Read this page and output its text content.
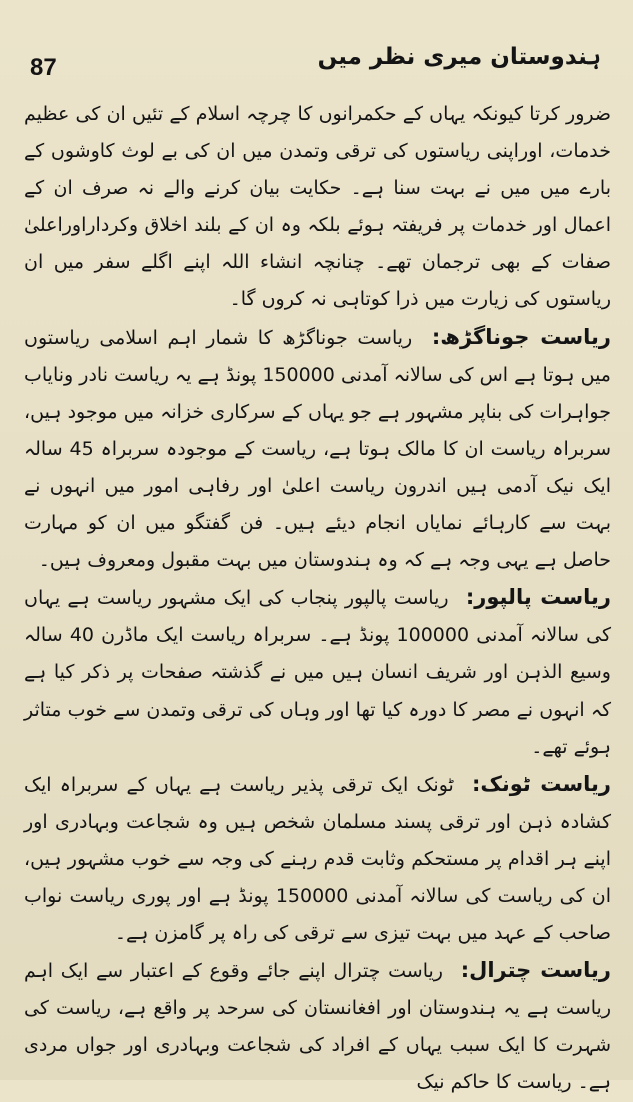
87	ہندوستان میری نظر میں

ضرور کرتا کیونکہ یہاں کے حکمرانوں کا چرچہ اسلام کے تئیں ان کی عظیم خدمات، اوراپنی ریاستوں کی ترقی وتمدن میں ان کی بے لوث کاوشوں کے بارے میں میں نے بہت سنا ہے۔ حکایت بیان کرنے والے نہ صرف ان کے اعمال اور خدمات پر فریفتہ ہوئے بلکہ وہ ان کے بلند اخلاق وکرداراوراعلیٰ صفات کے بھی ترجمان تھے۔ چنانچہ انشاء اللہ اپنے اگلے سفر میں ان ریاستوں کی زیارت میں ذرا کوتاہی نہ کروں گا۔

ریاست جوناگڑھ: ریاست جوناگڑھ کا شمار اہم اسلامی ریاستوں میں ہوتا ہے اس کی سالانہ آمدنی 150000 پونڈ ہے یہ ریاست نادر ونایاب جواہرات کی بناپر مشہور ہے جو یہاں کے سرکاری خزانہ میں موجود ہیں، سربراہ ریاست ان کا مالک ہوتا ہے، ریاست کے موجودہ سربراہ 45 سالہ ایک نیک آدمی ہیں اندرون ریاست اعلیٰ اور رفاہی امور میں انہوں نے بہت سے کارہائے نمایاں انجام دیئے ہیں۔ فن گفتگو میں ان کو مہارت حاصل ہے یہی وجہ ہے کہ وہ ہندوستان میں بہت مقبول ومعروف ہیں۔

ریاست پالپور: ریاست پالپور پنجاب کی ایک مشہور ریاست ہے یہاں کی سالانہ آمدنی 100000 پونڈ ہے۔ سربراہ ریاست ایک ماڈرن 40 سالہ وسیع الذہن اور شریف انسان ہیں میں نے گذشتہ صفحات پر ذکر کیا ہے کہ انہوں نے مصر کا دورہ کیا تھا اور وہاں کی ترقی وتمدن سے خوب متاثر ہوئے تھے۔

ریاست ٹونک: ٹونک ایک ترقی پذیر ریاست ہے یہاں کے سربراہ ایک کشادہ ذہن اور ترقی پسند مسلمان شخص ہیں وہ شجاعت وبہادری اور اپنے ہر اقدام پر مستحکم وثابت قدم رہنے کی وجہ سے خوب مشہور ہیں، ان کی ریاست کی سالانہ آمدنی 150000 پونڈ ہے اور پوری ریاست نواب صاحب کے عہد میں بہت تیزی سے ترقی کی راہ پر گامزن ہے۔

ریاست چترال: ریاست چترال اپنے جائے وقوع کے اعتبار سے ایک اہم ریاست ہے یہ ہندوستان اور افغانستان کی سرحد پر واقع ہے، ریاست کی شہرت کا ایک سبب یہاں کے افراد کی شجاعت وبہادری اور جواں مردی ہے۔ ریاست کا حاکم نیک
